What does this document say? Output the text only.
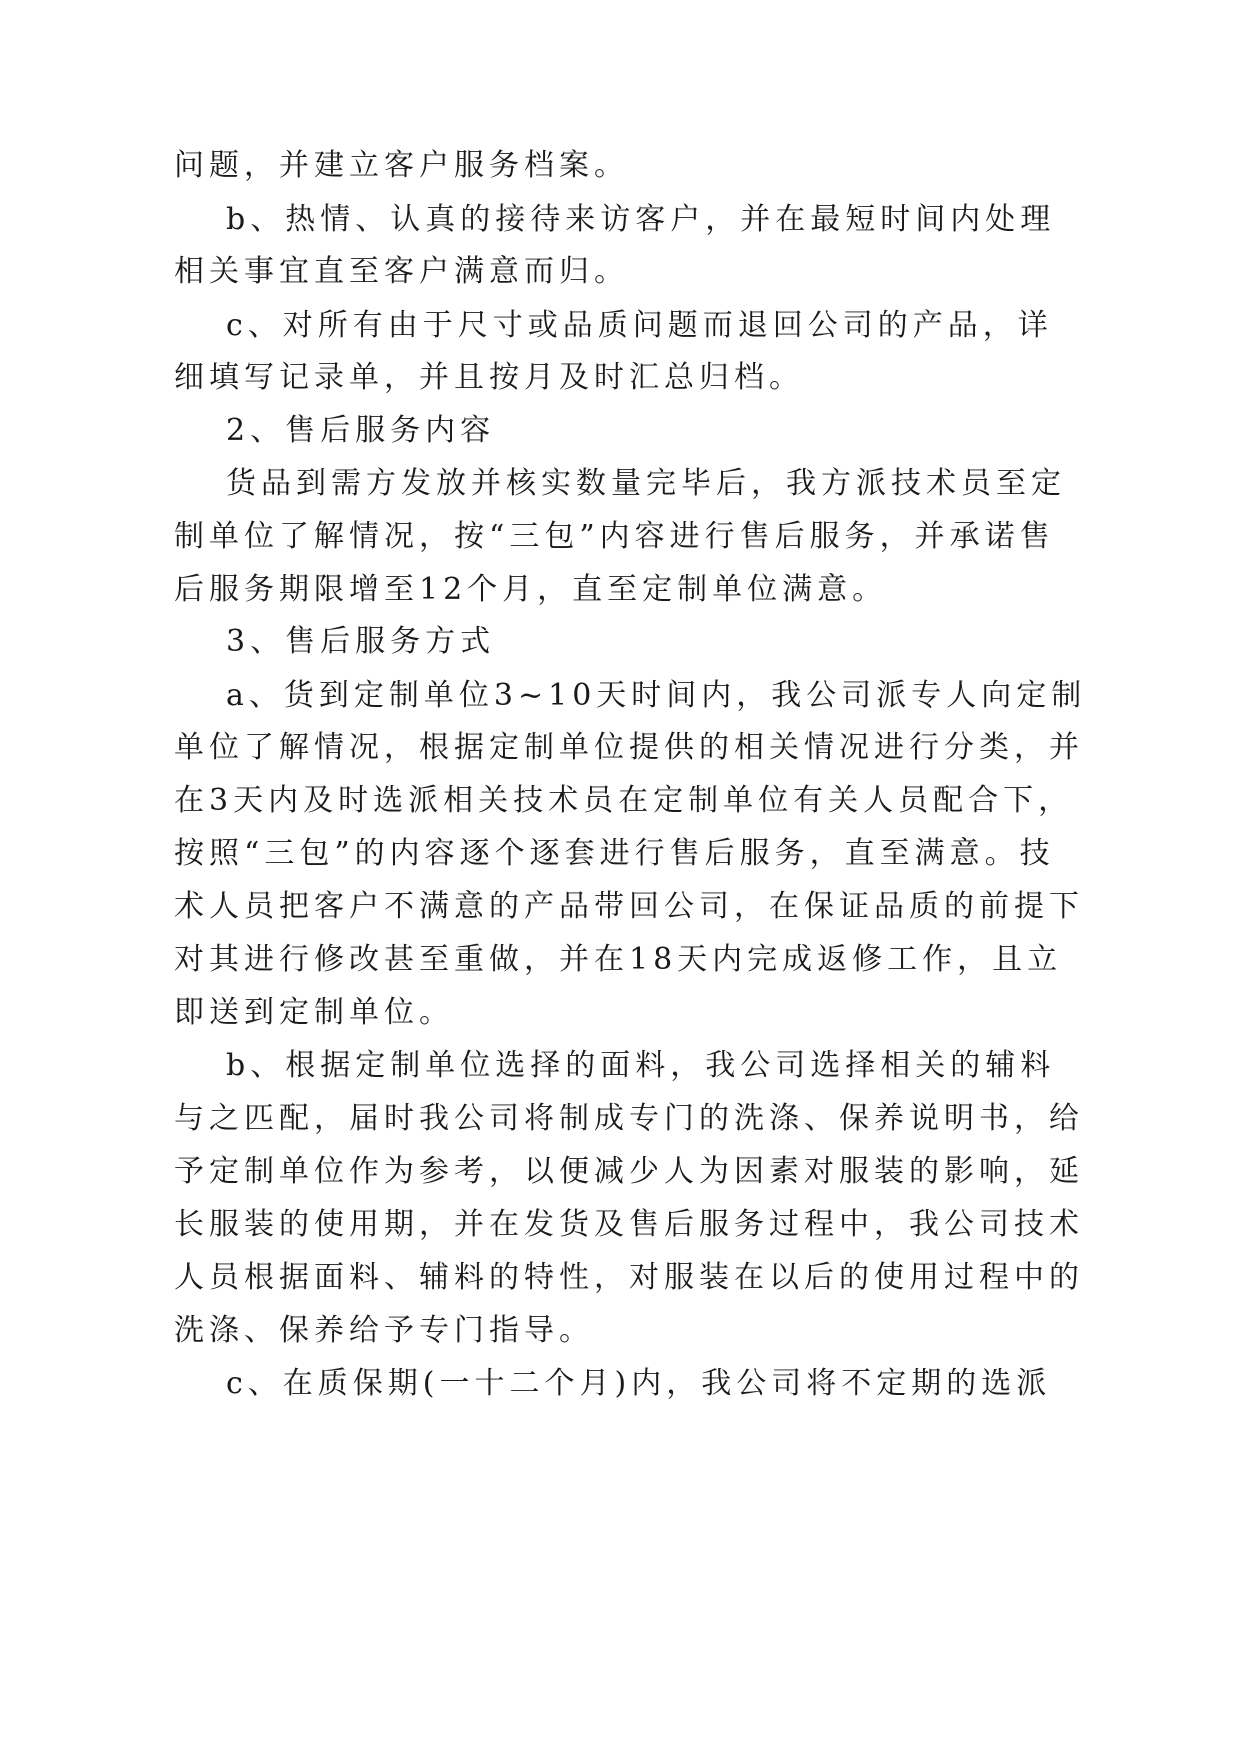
问题，并建立客户服务档案。
b、热情、认真的接待来访客户，并在最短时间内处理
相关事宜直至客户满意而归。
c、对所有由于尺寸或品质问题而退回公司的产品，详
细填写记录单，并且按月及时汇总归档。
2、售后服务内容
货品到需方发放并核实数量完毕后，我方派技术员至定
制单位了解情况，按“三包”内容进行售后服务，并承诺售
后服务期限增至12个月，直至定制单位满意。
3、售后服务方式
a、货到定制单位3~10天时间内，我公司派专人向定制
单位了解情况，根据定制单位提供的相关情况进行分类，并
在3天内及时选派相关技术员在定制单位有关人员配合下，
按照“三包”的内容逐个逐套进行售后服务，直至满意。技
术人员把客户不满意的产品带回公司，在保证品质的前提下
对其进行修改甚至重做，并在18天内完成返修工作，且立
即送到定制单位。
b、根据定制单位选择的面料，我公司选择相关的辅料
与之匹配，届时我公司将制成专门的洗涤、保养说明书，给
予定制单位作为参考，以便减少人为因素对服装的影响，延
长服装的使用期，并在发货及售后服务过程中，我公司技术
人员根据面料、辅料的特性，对服装在以后的使用过程中的
洗涤、保养给予专门指导。
c、在质保期(一十二个月)内，我公司将不定期的选派
